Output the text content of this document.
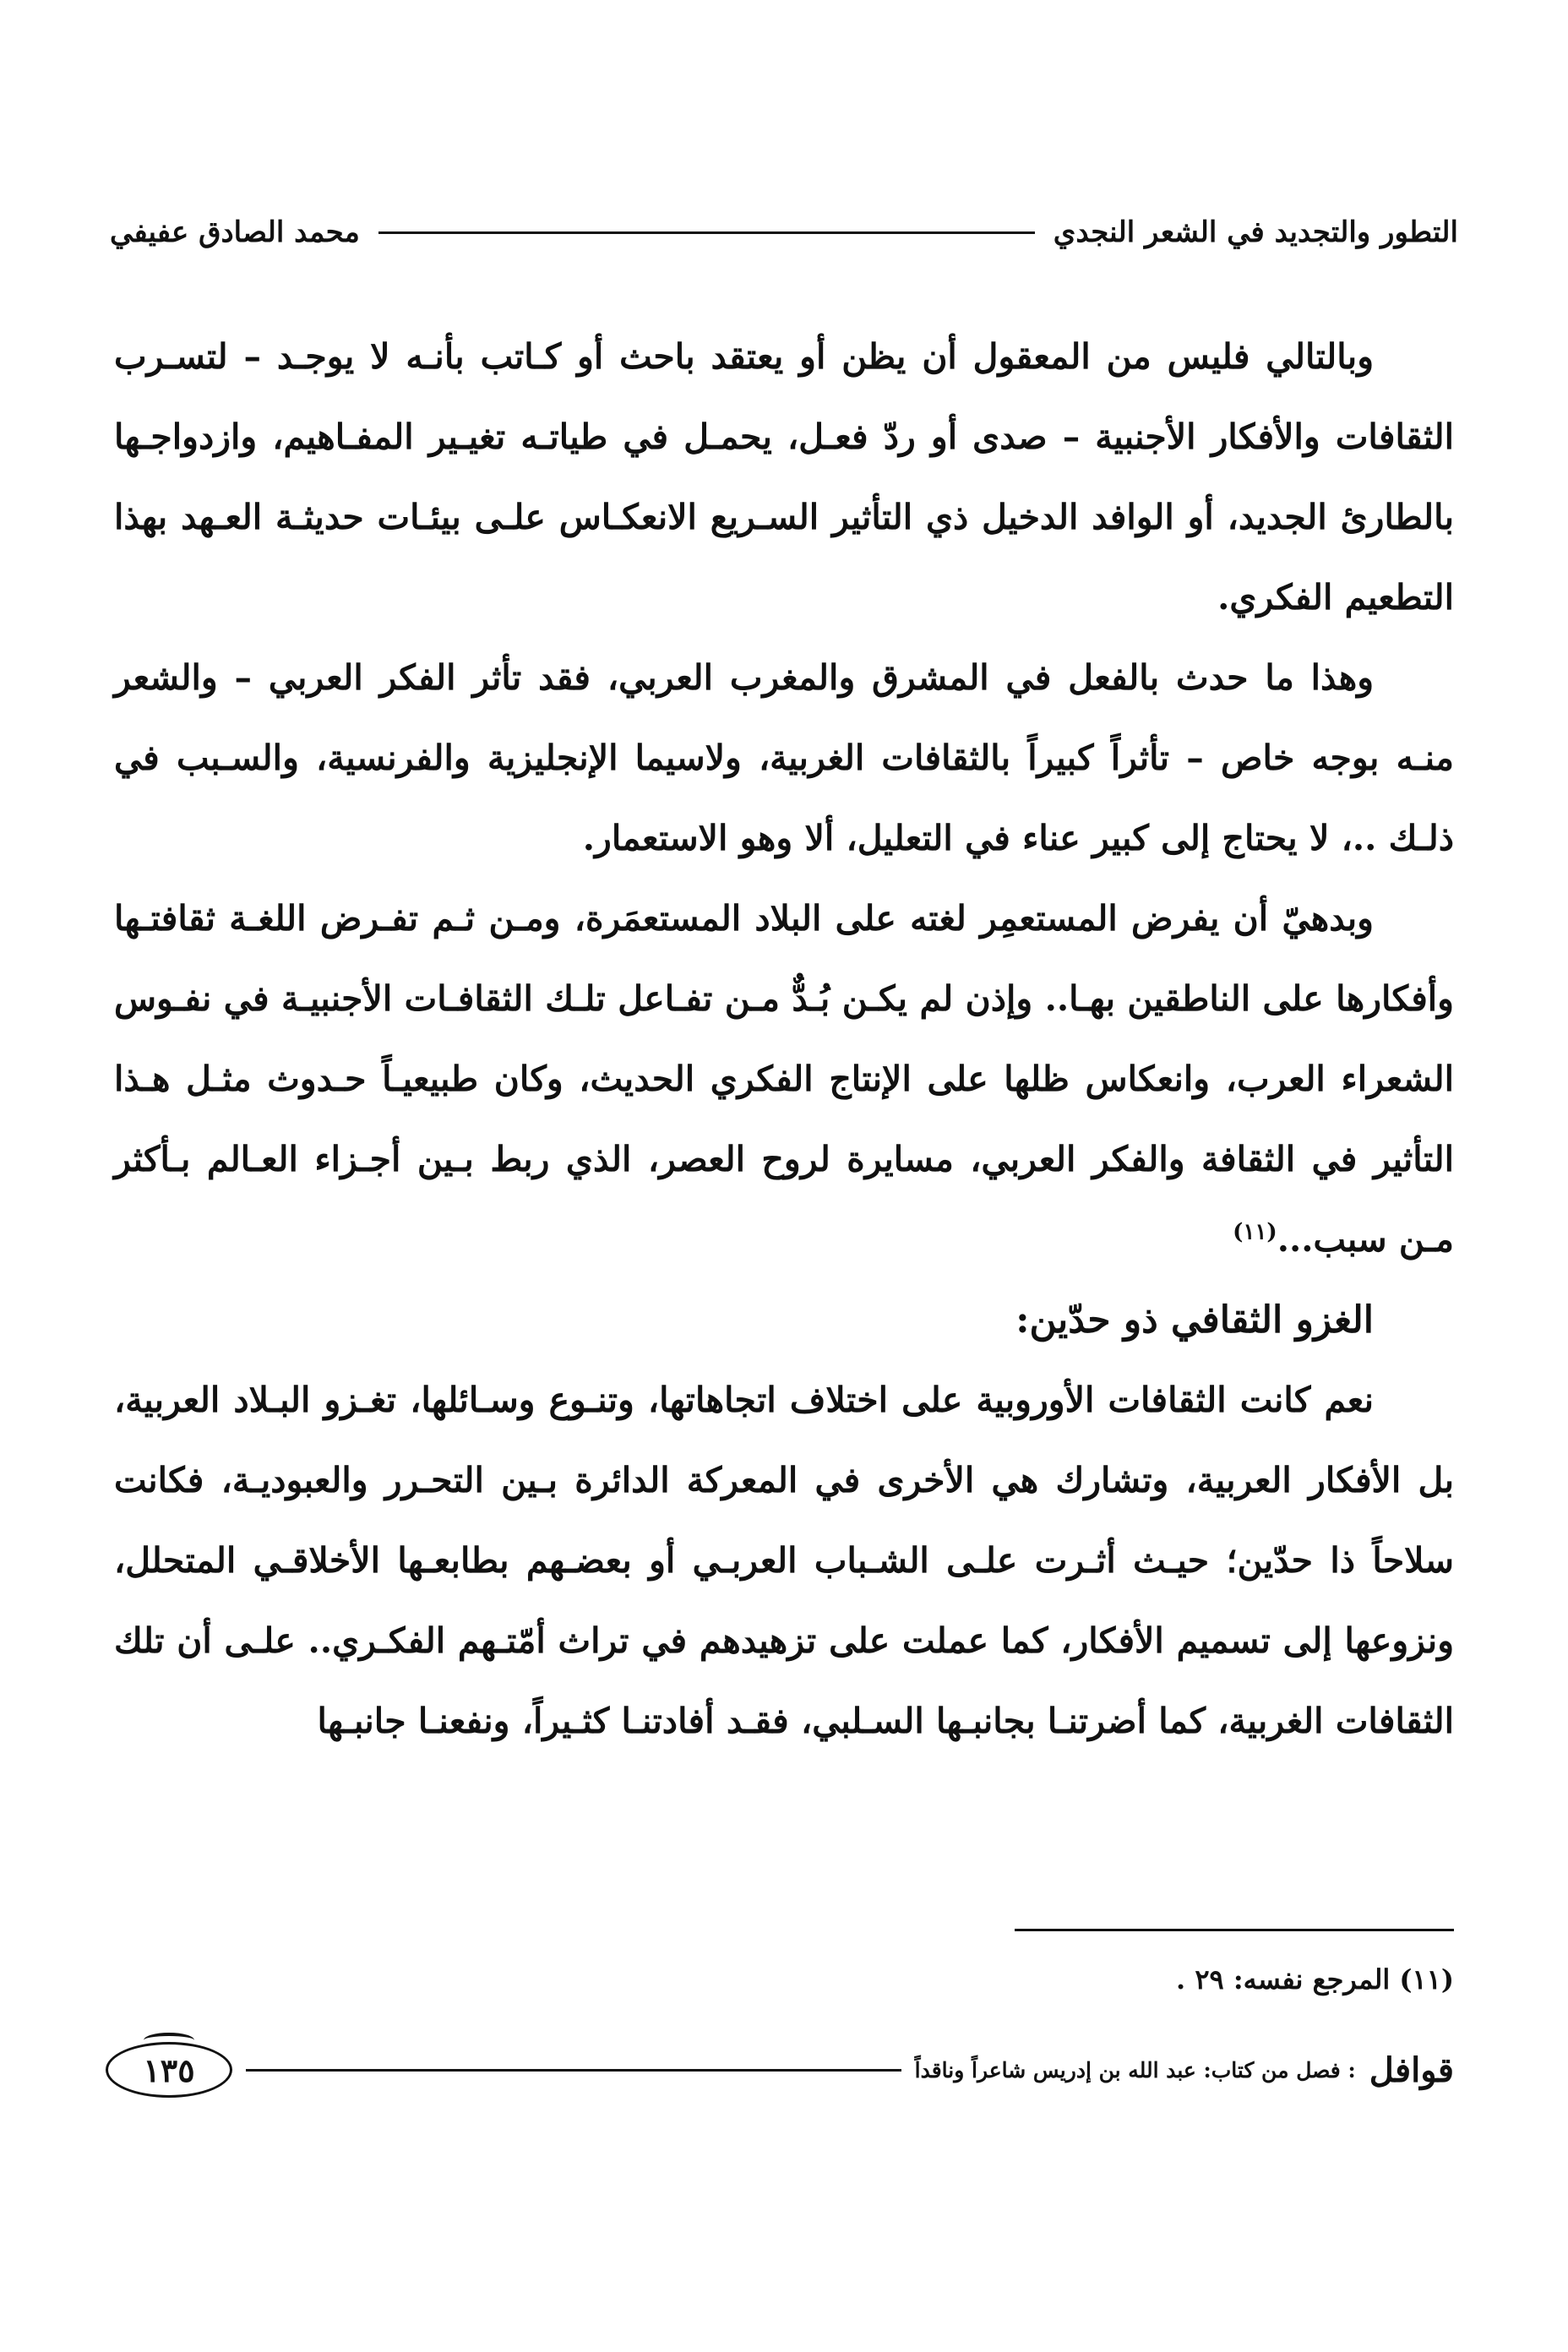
التطور والتجديد في الشعر النجدي
محمد الصادق عفيفي

وبالتالي فليس من المعقول أن يظن أو يعتقد باحث أو كـاتب بأنـه لا يوجـد – لتسـرب الثقافات والأفكار الأجنبية – صدى أو ردّ فعـل، يحمـل في طياتـه تغيـير المفـاهيم، وازدواجـها بالطارئ الجديد، أو الوافد الدخيل ذي التأثير السـريع الانعكـاس علـى بيئـات حديثـة العـهد بهذا التطعيم الفكري.

وهذا ما حدث بالفعل في المشرق والمغرب العربي، فقد تأثر الفكر العربي – والشعر منـه بوجه خاص – تأثراً كبيراً بالثقافات الغربية، ولاسيما الإنجليزية والفرنسية، والسـبب في ذلـك ..، لا يحتاج إلى كبير عناء في التعليل، ألا وهو الاستعمار.

وبدهيّ أن يفرض المستعمِر لغته على البلاد المستعمَرة، ومـن ثـم تفـرض اللغـة ثقافتـها وأفكارها على الناطقين بهـا.. وإذن لم يكـن بُـدٌّ مـن تفـاعل تلـك الثقافـات الأجنبيـة في نفـوس الشعراء العرب، وانعكاس ظلها على الإنتاج الفكري الحديث، وكان طبيعيـاً حـدوث مثـل هـذا التأثير في الثقافة والفكر العربي، مسايرة لروح العصر، الذي ربط بـين أجـزاء العـالم بـأكثر مـن سبب...$^{(١١)}$

الغزو الثقافي ذو حدّين:

نعم كانت الثقافات الأوروبية على اختلاف اتجاهاتها، وتنـوع وسـائلها، تغـزو البـلاد العربية، بل الأفكار العربية، وتشارك هي الأخرى في المعركة الدائرة بـين التحـرر والعبوديـة، فكانت سلاحاً ذا حدّين؛ حيـث أثـرت علـى الشـباب العربـي أو بعضـهم بطابعـها الأخلاقـي المتحلل، ونزوعها إلى تسميم الأفكار، كما عملت على تزهيدهم في تراث أمّتـهم الفكـري.. علـى أن تلك الثقافات الغربية، كما أضرتنـا بجانبـها السـلبي، فقـد أفادتنـا كثـيراً، ونفعنـا جانبـها

(١١) المرجع نفسه: ٢٩ .
قوافل
: فصل من كتاب: عبد الله بن إدريس شاعراً وناقداً
١٣٥
